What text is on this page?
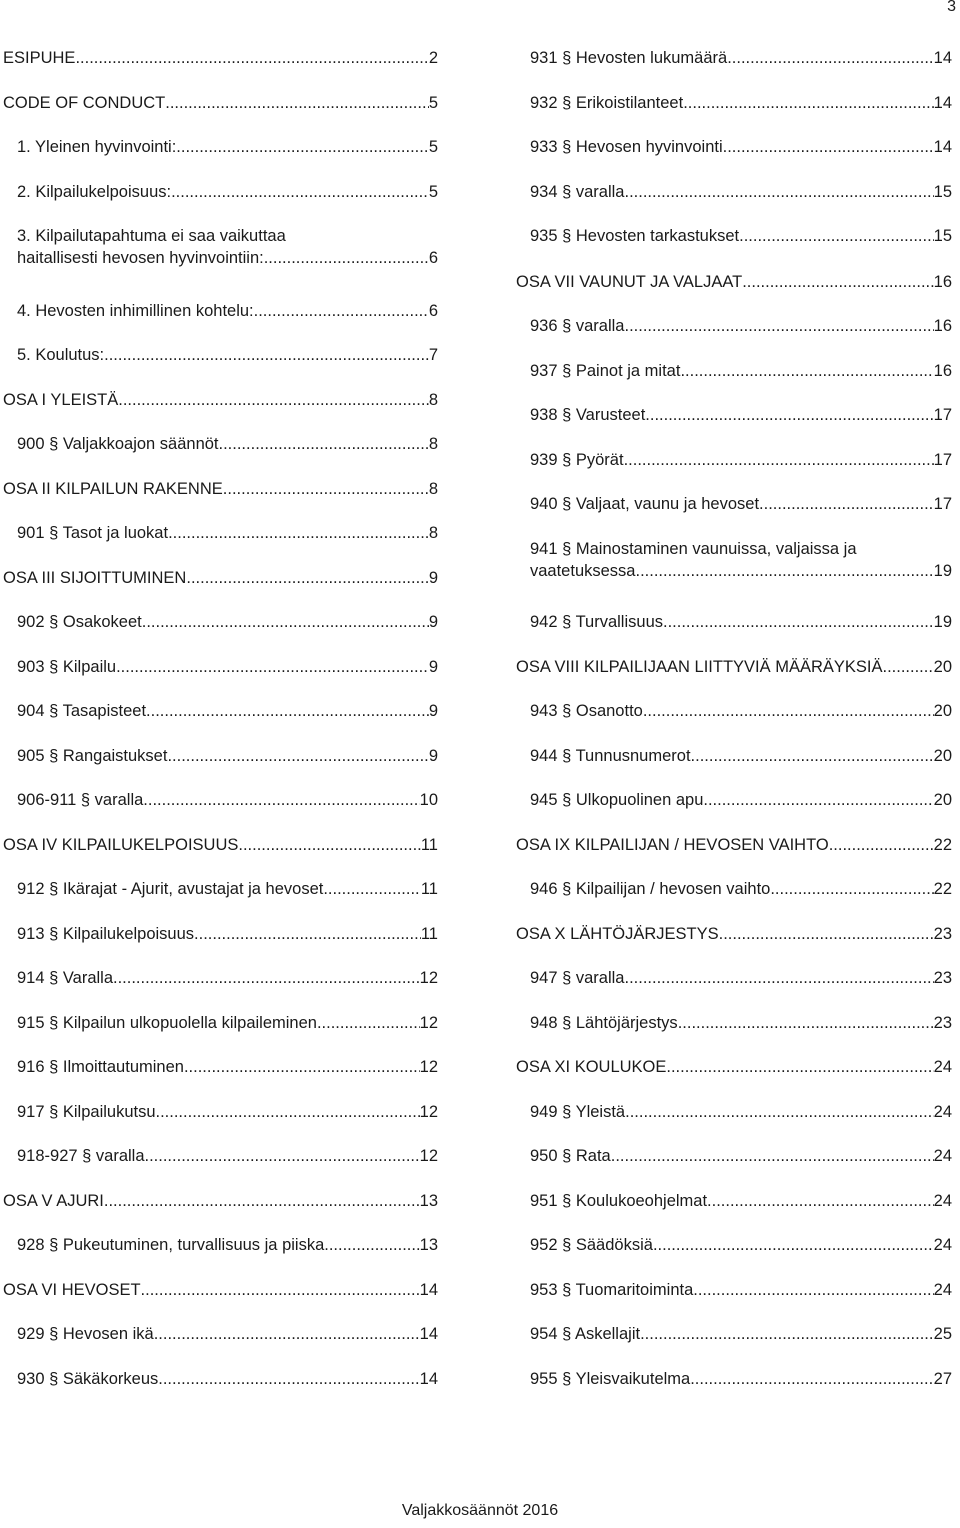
3
ESIPUHE .....	2
CODE OF CONDUCT .....	5
1. Yleinen hyvinvointi: .....	5
2. Kilpailukelpoisuus: .....	5
3. Kilpailutapahtuma ei saa vaikuttaa
haitallisesti hevosen hyvinvointiin: .....	6
4. Hevosten inhimillinen kohtelu: .....	6
5. Koulutus: .....	7
OSA I YLEISTÄ .....	8
900 § Valjakkoajon säännöt .....	8
OSA II KILPAILUN RAKENNE .....	8
901 § Tasot ja luokat .....	8
OSA III SIJOITTUMINEN .....	9
902 § Osakokeet .....	9
903 § Kilpailu .....	9
904 § Tasapisteet .....	9
905 § Rangaistukset .....	9
906-911 § varalla .....	10
OSA IV KILPAILUKELPOISUUS .....	11
912 § Ikärajat - Ajurit, avustajat ja hevoset .....	11
913 § Kilpailukelpoisuus .....	11
914 § Varalla .....	12
915 § Kilpailun ulkopuolella kilpaileminen .....	12
916 § Ilmoittautuminen .....	12
917 § Kilpailukutsu .....	12
918-927 § varalla .....	12
OSA V AJURI .....	13
928 § Pukeutuminen, turvallisuus ja piiska .....	13
OSA VI HEVOSET .....	14
929 § Hevosen ikä .....	14
930 § Säkäkorkeus .....	14
931 § Hevosten lukumäärä .....	14
932 § Erikoistilanteet .....	14
933 § Hevosen hyvinvointi. .....	14
934 § varalla .....	15
935 § Hevosten tarkastukset .....	15
OSA VII VAUNUT JA VALJAAT .....	16
936 § varalla .....	16
937 § Painot ja mitat .....	16
938 § Varusteet .....	17
939 § Pyörät .....	17
940 § Valjaat, vaunu ja hevoset .....	17
941 § Mainostaminen vaunuissa, valjaissa ja
vaatetuksessa .....	19
942 § Turvallisuus .....	19
OSA VIII KILPAILIJAAN LIITTYVIÄ MÄÄRÄYKSIÄ .....	20
943 § Osanotto .....	20
944 § Tunnusnumerot .....	20
945 § Ulkopuolinen apu .....	20
OSA IX KILPAILIJAN / HEVOSEN VAIHTO .....	22
946 § Kilpailijan / hevosen vaihto .....	22
OSA X LÄHTÖJÄRJESTYS .....	23
947 § varalla .....	23
948 § Lähtöjärjestys .....	23
OSA XI KOULUKOE .....	24
949 § Yleistä .....	24
950 § Rata .....	24
951 § Koulukoeohjelmat .....	24
952 § Säädöksiä .....	24
953 § Tuomaritoiminta .....	24
954 § Askellajit .....	25
955 § Yleisvaikutelma .....	27
Valjakkosäännöt 2016
